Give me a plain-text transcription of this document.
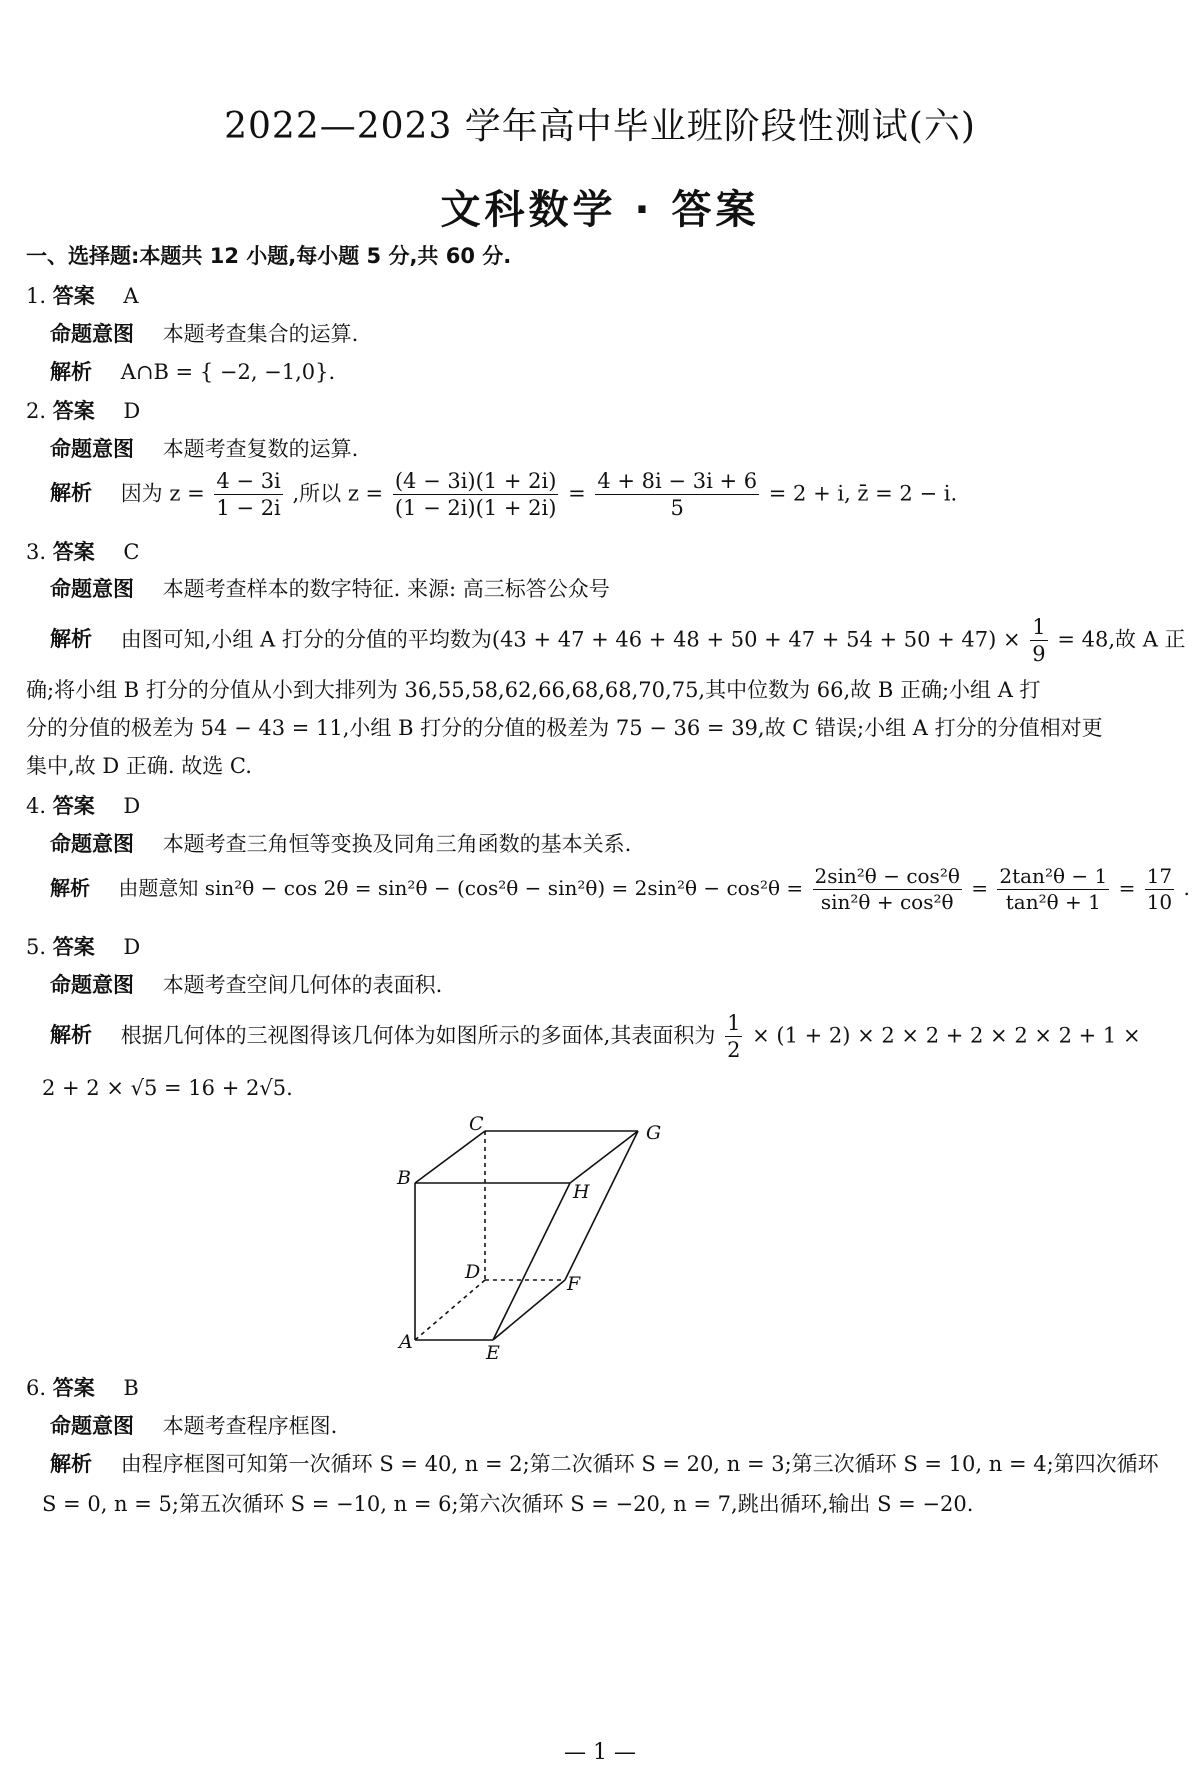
2022—2023 学年高中毕业班阶段性测试(六)
文科数学 · 答案
一、选择题:本题共 12 小题,每小题 5 分,共 60 分.
1. 答案 A
命题意图 本题考查集合的运算.
解析 A∩B = { −2, −1,0}.
2. 答案 D
命题意图 本题考查复数的运算.
解析 因为 $z = \frac{4 - 3i}{1 - 2i}$ ,所以 $z = \frac{(4 - 3i)(1 + 2i)}{(1 - 2i)(1 + 2i)} = \frac{4 + 8i - 3i + 6}{5} = 2 + i$, z̄ = 2 − i.
3. 答案 C
命题意图 本题考查样本的数字特征. 来源: 高三标答公众号
解析 由图可知,小组 A 打分的分值的平均数为$(43 + 47 + 46 + 48 + 50 + 47 + 54 + 50 + 47) \times \frac{1}{9} = 48$,故 A 正
确;将小组 B 打分的分值从小到大排列为 36,55,58,62,66,68,68,70,75,其中位数为 66,故 B 正确;小组 A 打
分的分值的极差为 54 − 43 = 11,小组 B 打分的分值的极差为 75 − 36 = 39,故 C 错误;小组 A 打分的分值相对更
集中,故 D 正确. 故选 C.
4. 答案 D
命题意图 本题考查三角恒等变换及同角三角函数的基本关系.
解析 由题意知 $\sin^2\theta - \cos 2\theta = \sin^2\theta - (\cos^2\theta - \sin^2\theta) = 2\sin^2\theta - \cos^2\theta = \frac{\text{2sin²θ − cos²θ}}{\text{sin²θ + cos²θ}} = \frac{\text{2tan²θ − 1}}{\text{tan²θ + 1}} = \frac{17}{10}$ .
5. 答案 D
命题意图 本题考查空间几何体的表面积.
解析 根据几何体的三视图得该几何体为如图所示的多面体,其表面积为 $\frac{1}{2} \times (1 + 2) \times 2 \times 2 + 2 \times 2 \times 2 + 1$ ×
2 + 2 × √5 = 16 + 2√5.
C	G
B
H
D
F
A	E
6. 答案 B
命题意图 本题考查程序框图.
解析 由程序框图可知第一次循环 S = 40, n = 2;第二次循环 S = 20, n = 3;第三次循环 S = 10, n = 4;第四次循环
S = 0, n = 5;第五次循环 S = −10, n = 6;第六次循环 S = −20, n = 7,跳出循环,输出 S = −20.
— 1 —
